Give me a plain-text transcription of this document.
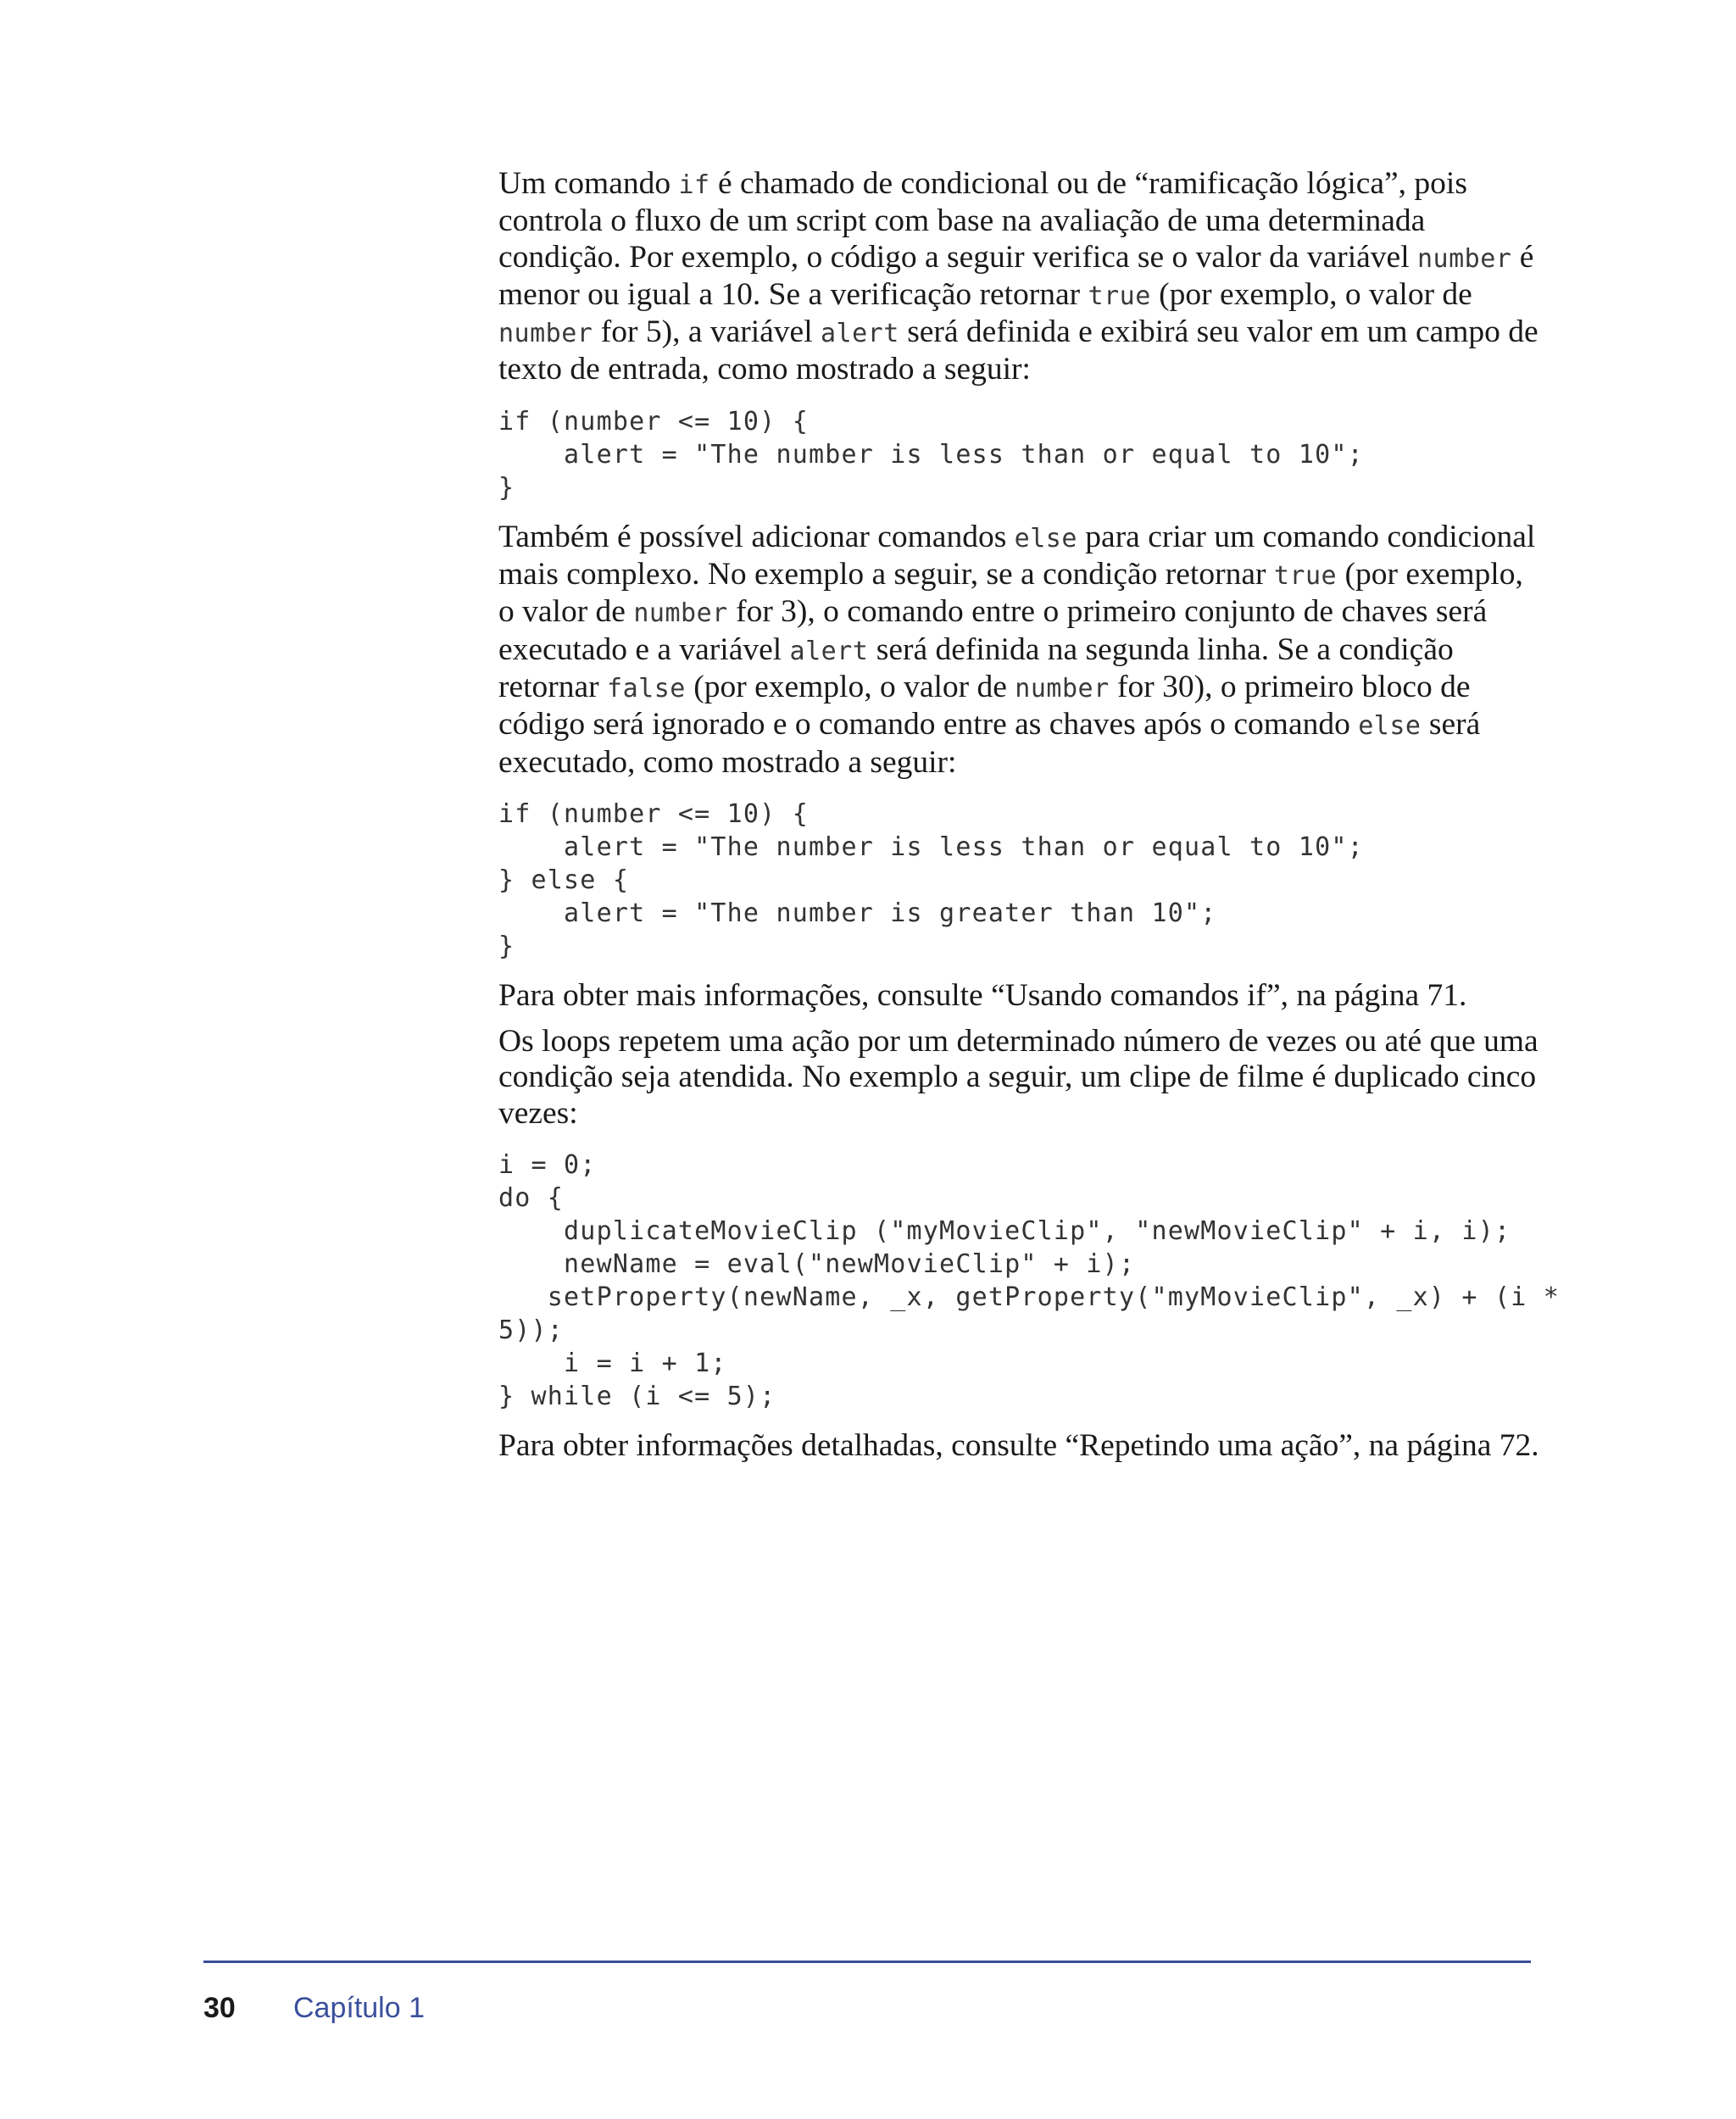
Um comando if é chamado de condicional ou de “ramificação lógica”, pois controla o fluxo de um script com base na avaliação de uma determinada condição. Por exemplo, o código a seguir verifica se o valor da variável number é menor ou igual a 10. Se a verificação retornar true (por exemplo, o valor de number for 5), a variável alert será definida e exibirá seu valor em um campo de texto de entrada, como mostrado a seguir:

if (number <= 10) {
alert = "The number is less than or equal to 10";
}

Também é possível adicionar comandos else para criar um comando condicional mais complexo. No exemplo a seguir, se a condição retornar true (por exemplo, o valor de number for 3), o comando entre o primeiro conjunto de chaves será executado e a variável alert será definida na segunda linha. Se a condição retornar false (por exemplo, o valor de number for 30), o primeiro bloco de código será ignorado e o comando entre as chaves após o comando else será executado, como mostrado a seguir:

if (number <= 10) {
alert = "The number is less than or equal to 10";
} else {
alert = "The number is greater than 10";
}

Para obter mais informações, consulte “Usando comandos if”, na página 71.

Os loops repetem uma ação por um determinado número de vezes ou até que uma condição seja atendida. No exemplo a seguir, um clipe de filme é duplicado cinco vezes:

i = 0;
do {
duplicateMovieClip ("myMovieClip", "newMovieClip" + i, i);
newName = eval("newMovieClip" + i);
setProperty(newName, _x, getProperty("myMovieClip", _x) + (i *
5));
i = i + 1;
} while (i <= 5);

Para obter informações detalhadas, consulte “Repetindo uma ação”, na página 72.

30 Capítulo 1
